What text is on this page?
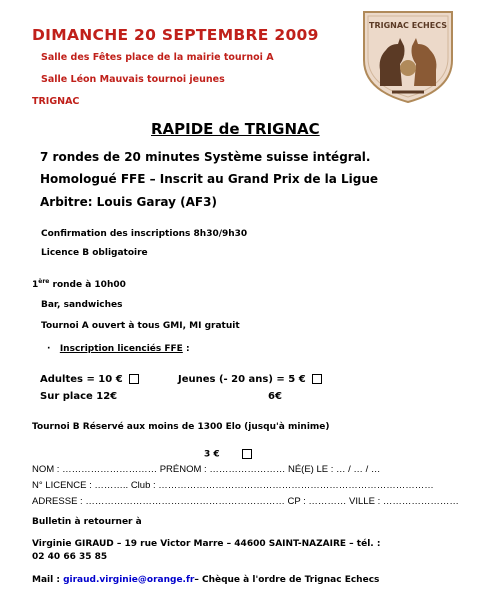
DIMANCHE 20 SEPTEMBRE 2009
Salle des Fêtes place de la mairie tournoi A
Salle Léon Mauvais tournoi jeunes
TRIGNAC
TRIGNAC ECHECS
RAPIDE de TRIGNAC
7 rondes de 20 minutes Système suisse intégral.
Homologué FFE – Inscrit au Grand Prix de la Ligue
Arbitre: Louis Garay (AF3)
Confirmation des inscriptions 8h30/9h30
Licence B obligatoire
1ère ronde à 10h00
Bar, sandwiches
Tournoi A ouvert à tous GMI, MI gratuit
· Inscription licenciés FFE :
Adultes = 10 €	Jeunes (- 20 ans) = 5 €
Sur place 12€	6€
Tournoi B Réservé aux moins de 1300 Elo (jusqu'à minime)
3 €
NOM : ………………………… PRÉNOM : …………………… NÉ(E) LE : … / … / …
N° LICENCE : ……….. Club : ……………………………………………………………………………
ADRESSE : ……………………………………………………… CP : ………… VILLE : ……………………
Bulletin à retourner à
Virginie GIRAUD – 19 rue Victor Marre – 44600 SAINT-NAZAIRE – tél. :
02 40 66 35 85
Mail : giraud.virginie@orange.fr– Chèque à l'ordre de Trignac Echecs
